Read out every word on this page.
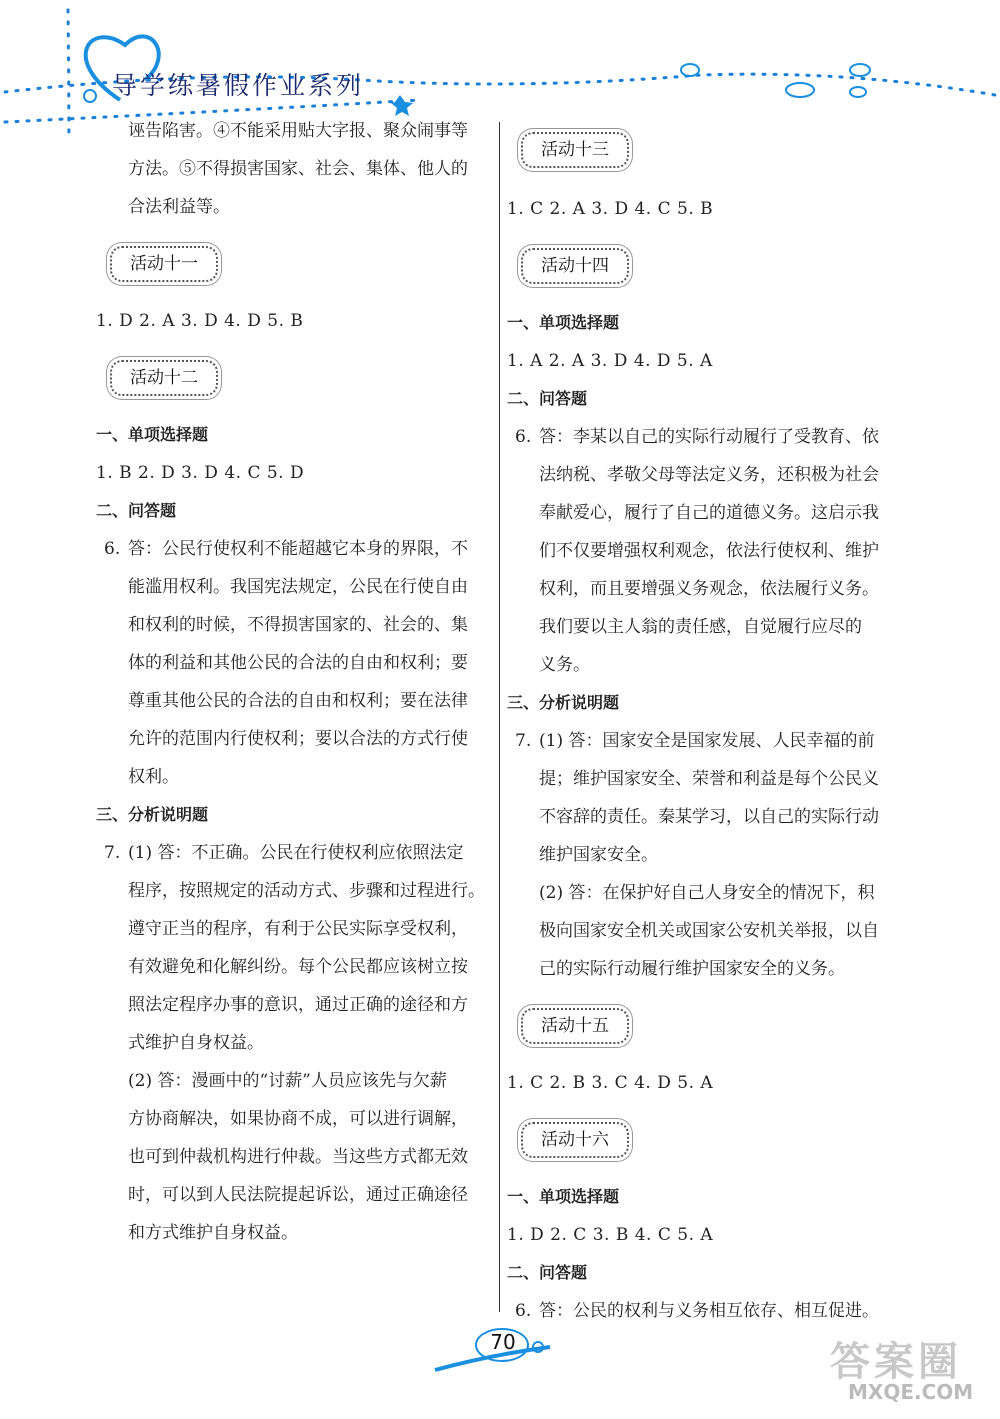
导学练暑假作业系列

诬告陷害。④不能采用贴大字报、聚众闹事等

方法。⑤不得损害国家、社会、集体、他人的

合法利益等。

活动十一

1. D 2. A 3. D 4. D 5. B

活动十二

一、单项选择题

1. B 2. D 3. D 4. C 5. D

二、问答题

6. 答：公民行使权利不能超越它本身的界限，不

能滥用权利。我国宪法规定，公民在行使自由

和权利的时候，不得损害国家的、社会的、集

体的利益和其他公民的合法的自由和权利；要

尊重其他公民的合法的自由和权利；要在法律

允许的范围内行使权利；要以合法的方式行使

权利。

三、分析说明题

7. (1) 答：不正确。公民在行使权利应依照法定

程序，按照规定的活动方式、步骤和过程进行。

遵守正当的程序，有利于公民实际享受权利，

有效避免和化解纠纷。每个公民都应该树立按

照法定程序办事的意识，通过正确的途径和方

式维护自身权益。

(2) 答：漫画中的“讨薪”人员应该先与欠薪

方协商解决，如果协商不成，可以进行调解，

也可到仲裁机构进行仲裁。当这些方式都无效

时，可以到人民法院提起诉讼，通过正确途径

和方式维护自身权益。

活动十三

1. C 2. A 3. D 4. C 5. B

活动十四

一、单项选择题

1. A 2. A 3. D 4. D 5. A

二、问答题

6. 答：李某以自己的实际行动履行了受教育、依

法纳税、孝敬父母等法定义务，还积极为社会

奉献爱心，履行了自己的道德义务。这启示我

们不仅要增强权利观念，依法行使权利、维护

权利，而且要增强义务观念，依法履行义务。

我们要以主人翁的责任感，自觉履行应尽的

义务。

三、分析说明题

7. (1) 答：国家安全是国家发展、人民幸福的前

提；维护国家安全、荣誉和利益是每个公民义

不容辞的责任。秦某学习，以自己的实际行动

维护国家安全。

(2) 答：在保护好自己人身安全的情况下，积

极向国家安全机关或国家公安机关举报，以自

己的实际行动履行维护国家安全的义务。

活动十五

1. C 2. B 3. C 4. D 5. A

活动十六

一、单项选择题

1. D 2. C 3. B 4. C 5. A

二、问答题

6. 答：公民的权利与义务相互依存、相互促进。

70	答案圈
MXQE.COM
